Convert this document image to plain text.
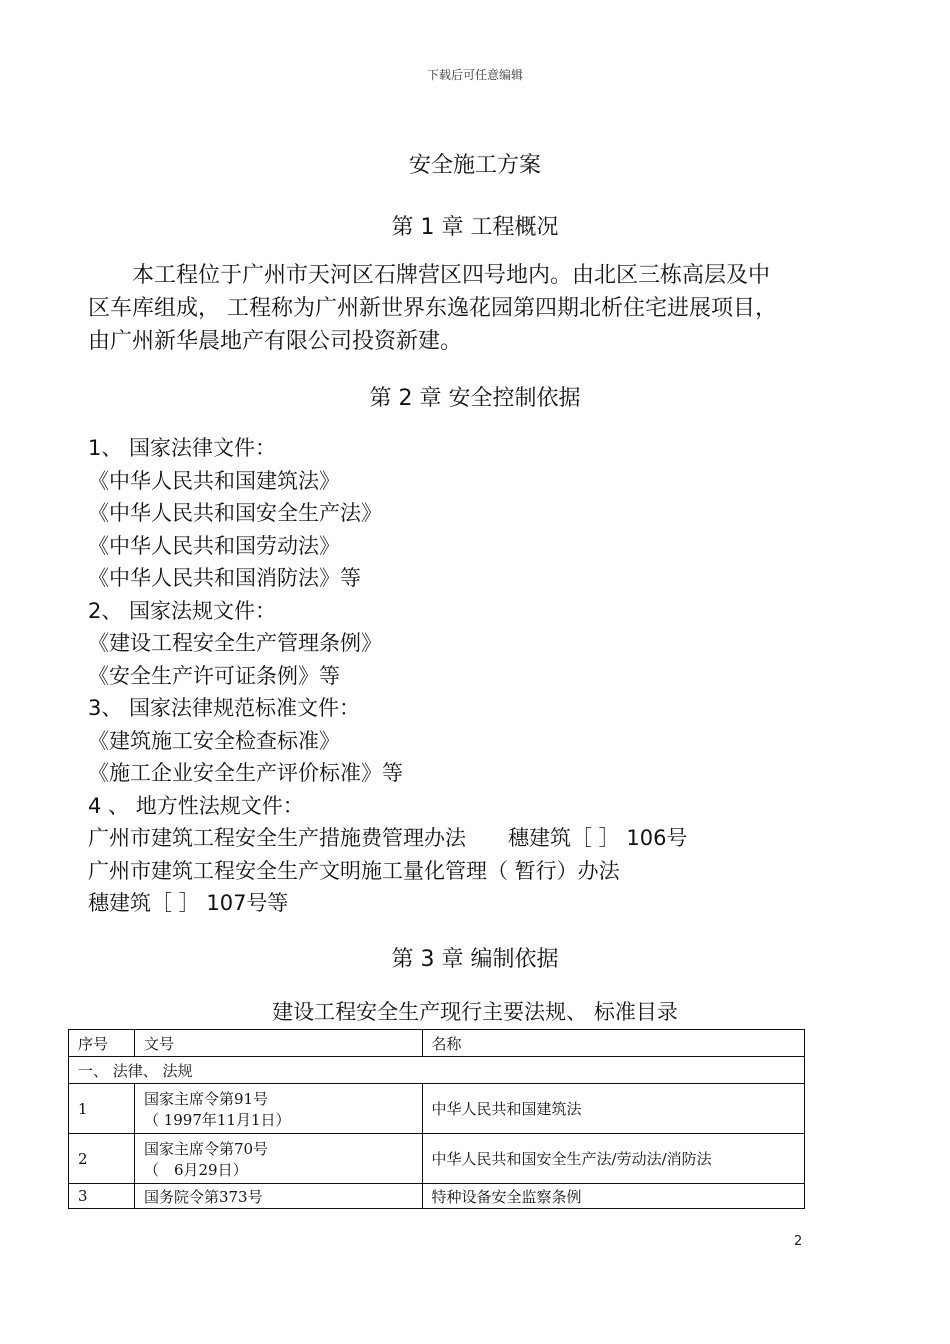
下载后可任意编辑
安全施工方案
第 1 章 工程概况
　　本工程位于广州市天河区石牌营区四号地内。由北区三栋高层及中
区车库组成， 工程称为广州新世界东逸花园第四期北析住宅进展项目，
由广州新华晨地产有限公司投资新建。
第 2 章 安全控制依据
1、 国家法律文件：
《中华人民共和国建筑法》
《中华人民共和国安全生产法》
《中华人民共和国劳动法》
《中华人民共和国消防法》等
2、 国家法规文件：
《建设工程安全生产管理条例》
《安全生产许可证条例》等
3、 国家法律规范标准文件：
《建筑施工安全检查标准》
《施工企业安全生产评价标准》等
4 、 地方性法规文件：
广州市建筑工程安全生产措施费管理办法　　穗建筑［ ］ 106号
广州市建筑工程安全生产文明施工量化管理（ 暂行）办法
穗建筑［ ］ 107号等
第 3 章 编制依据
建设工程安全生产现行主要法规、 标准目录
序号	文号	名称
一、 法律、 法规		
1	国家主席令第91号
（ 1997年11月1日）	中华人民共和国建筑法
2	国家主席令第70号
（　6月29日）	中华人民共和国安全生产法/劳动法/消防法
3	国务院令第373号	特种设备安全监察条例
2
